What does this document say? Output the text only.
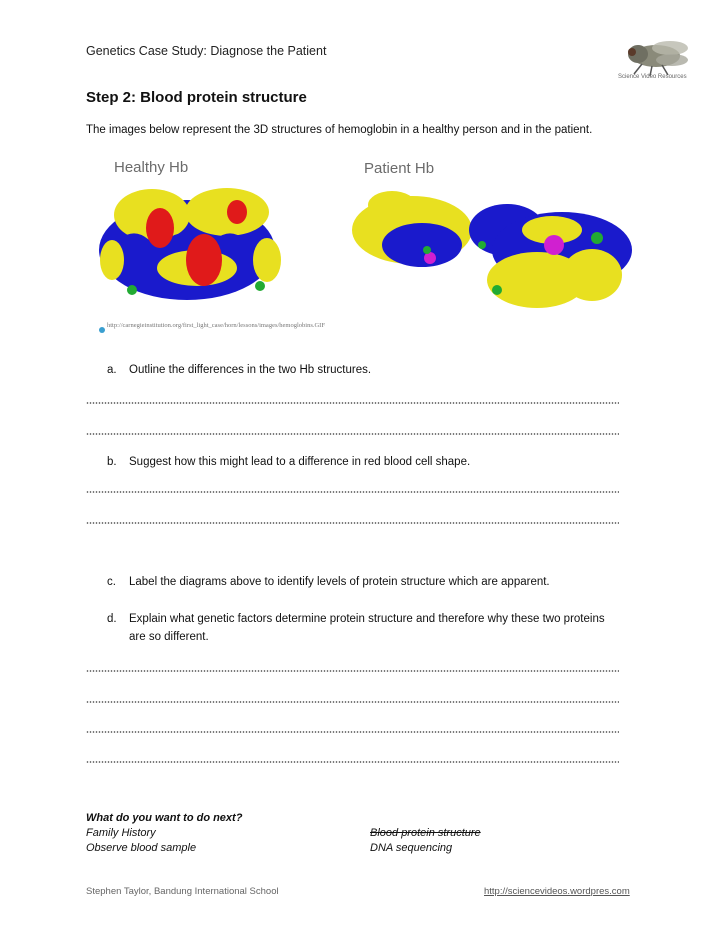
Genetics Case Study: Diagnose the Patient
Science Video Resources
Step 2: Blood protein structure
The images below represent the 3D structures of hemoglobin in a healthy person and in the patient.
Healthy Hb	Patient Hb
http://carnegieinstitution.org/first_light_case/horn/lessons/images/hemoglobins.GIF
a. Outline the differences in the two Hb structures.
b. Suggest how this might lead to a difference in red blood cell shape.
c. Label the diagrams above to identify levels of protein structure which are apparent.
d. Explain what genetic factors determine protein structure and therefore why these two proteins
are so different.
What do you want to do next?
Family History
Observe blood sample
Blood protein structure
DNA sequencing
Stephen Taylor, Bandung International School	http://sciencevideos.wordpres.com
